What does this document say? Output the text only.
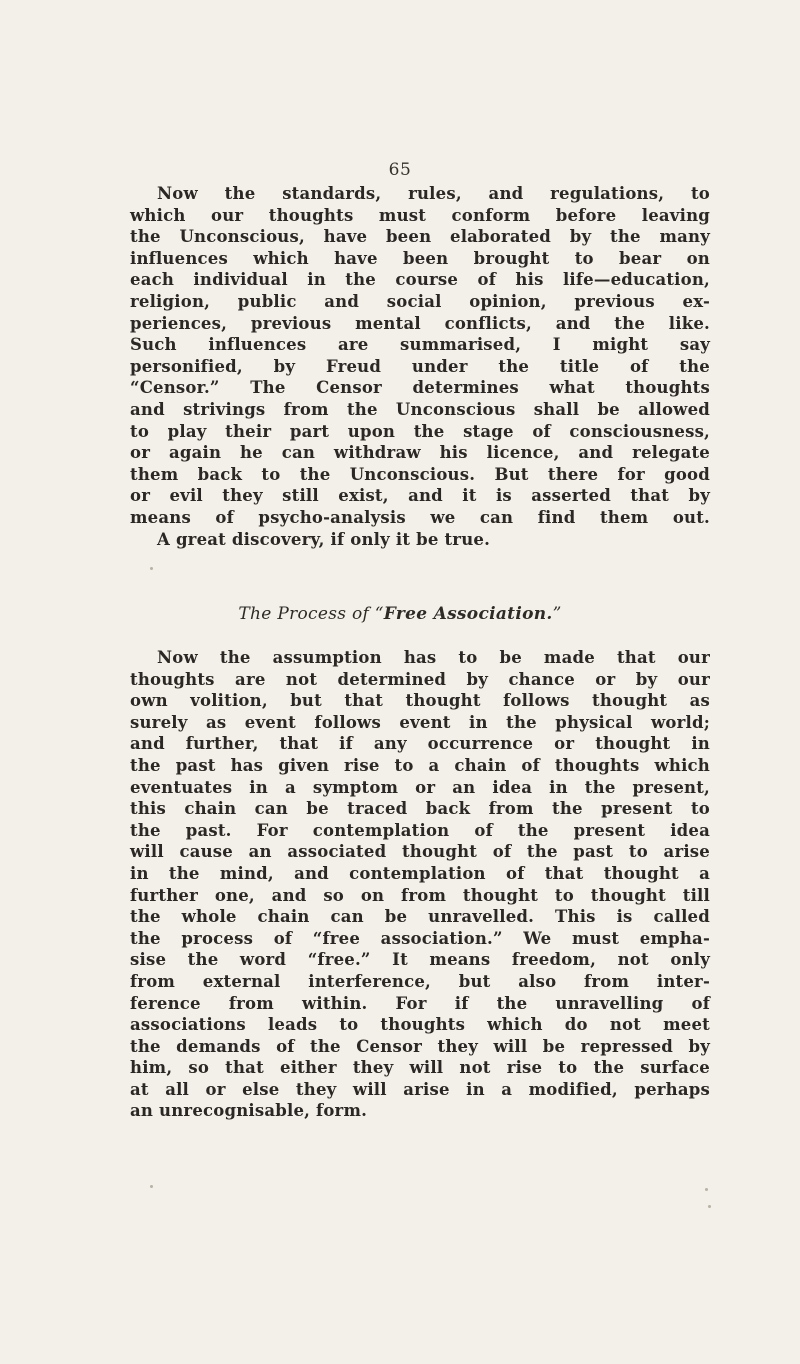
65
Now the standards, rules, and regulations, to
which our thoughts must conform before leaving
the Unconscious, have been elaborated by the many
influences which have been brought to bear on
each individual in the course of his life—education,
religion, public and social opinion, previous ex-
periences, previous mental conflicts, and the like.
Such influences are summarised, I might say
personified, by Freud under the title of the
“Censor.” The Censor determines what thoughts
and strivings from the Unconscious shall be allowed
to play their part upon the stage of consciousness,
or again he can withdraw his licence, and relegate
them back to the Unconscious. But there for good
or evil they still exist, and it is asserted that by
means of psycho-analysis we can find them out.
A great discovery, if only it be true.
The Process of “Free Association.”
Now the assumption has to be made that our
thoughts are not determined by chance or by our
own volition, but that thought follows thought as
surely as event follows event in the physical world;
and further, that if any occurrence or thought in
the past has given rise to a chain of thoughts which
eventuates in a symptom or an idea in the present,
this chain can be traced back from the present to
the past. For contemplation of the present idea
will cause an associated thought of the past to arise
in the mind, and contemplation of that thought a
further one, and so on from thought to thought till
the whole chain can be unravelled. This is called
the process of “free association.” We must empha-
sise the word “free.” It means freedom, not only
from external interference, but also from inter-
ference from within. For if the unravelling of
associations leads to thoughts which do not meet
the demands of the Censor they will be repressed by
him, so that either they will not rise to the surface
at all or else they will arise in a modified, perhaps
an unrecognisable, form.
